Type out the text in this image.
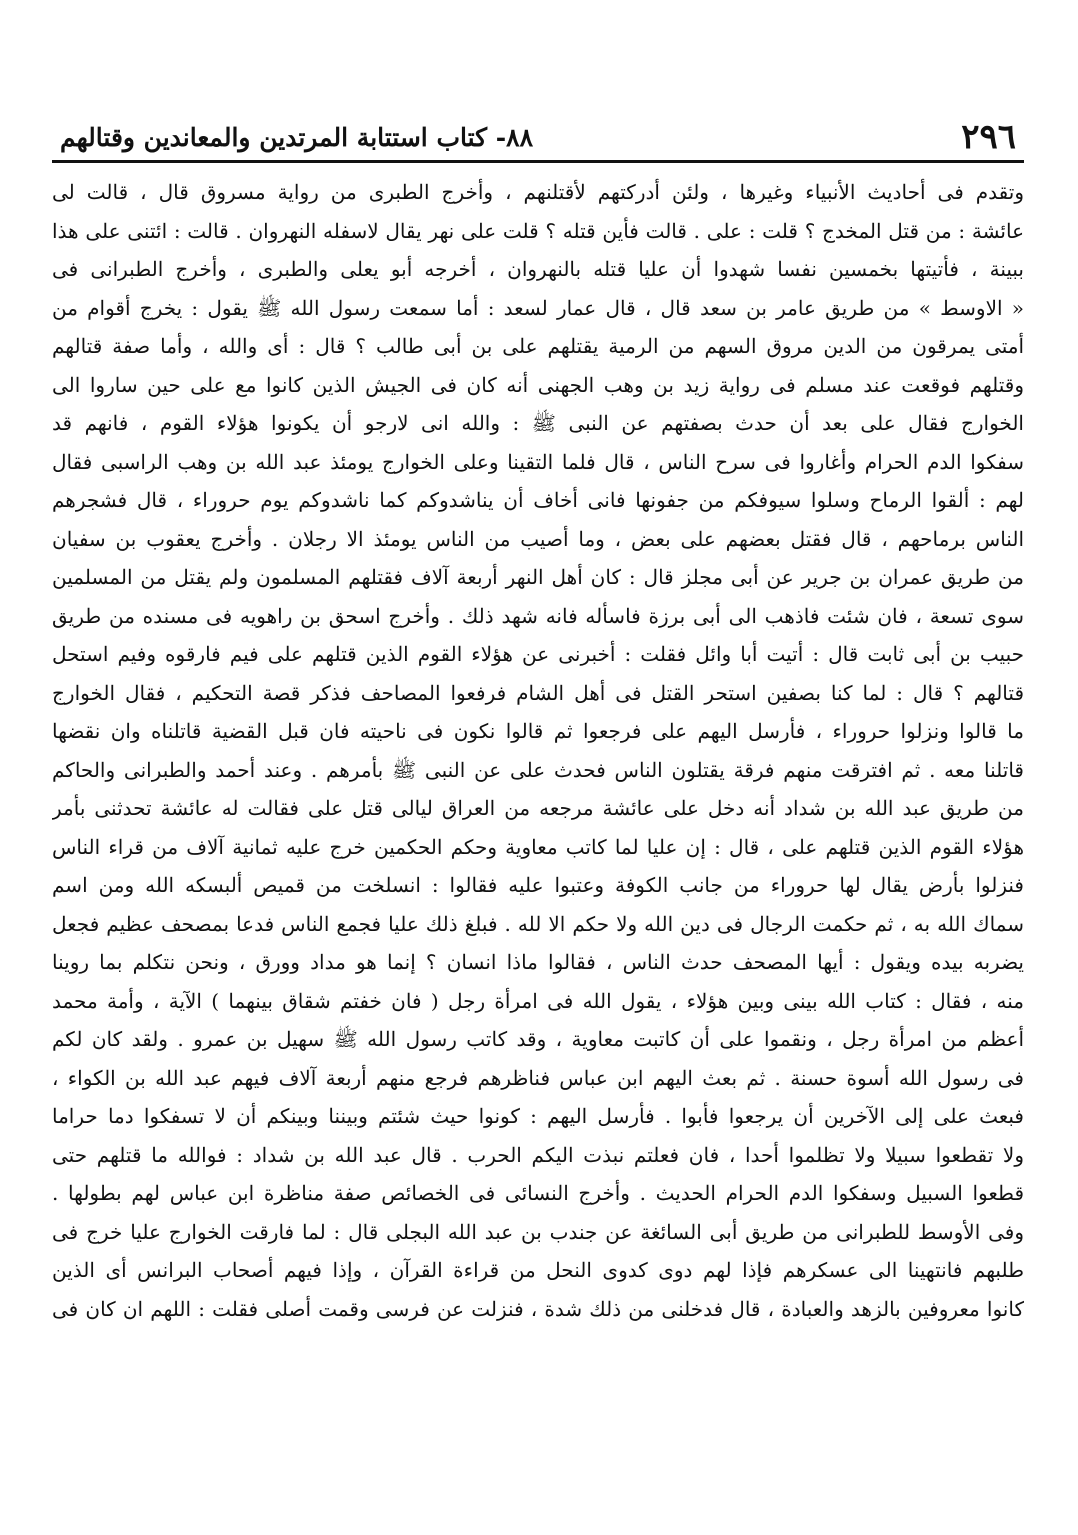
٢٩٦
٨٨- كتاب استتابة المرتدين والمعاندين وقتالهم
وتقدم فى أحاديث الأنبياء وغيرها ، ولئن أدركتهم لأقتلنهم ، وأخرج الطبرى من رواية مسروق قال ، قالت لى
عائشة : من قتل المخدج ؟ قلت : على . قالت فأين قتله ؟ قلت على نهر يقال لاسفله النهروان . قالت : ائتنى على هذا
ببينة ، فأتيتها بخمسين نفسا شهدوا أن عليا قتله بالنهروان ، أخرجه أبو يعلى والطبرى ، وأخرج الطبرانى فى
« الاوسط » من طريق عامر بن سعد قال ، قال عمار لسعد : أما سمعت رسول الله ﷺ يقول : يخرج أقوام من
أمتى يمرقون من الدين مروق السهم من الرمية يقتلهم على بن أبى طالب ؟ قال : أى والله ، وأما صفة قتالهم
وقتلهم فوقعت عند مسلم فى رواية زيد بن وهب الجهنى أنه كان فى الجيش الذين كانوا مع على حين ساروا الى
الخوارج فقال على بعد أن حدث بصفتهم عن النبى ﷺ : والله انى لارجو أن يكونوا هؤلاء القوم ، فانهم قد
سفكوا الدم الحرام وأغاروا فى سرح الناس ، قال فلما التقينا وعلى الخوارج يومئذ عبد الله بن وهب الراسبى فقال
لهم : ألقوا الرماح وسلوا سيوفكم من جفونها فانى أخاف أن يناشدوكم كما ناشدوكم يوم حروراء ، قال فشجرهم
الناس برماحهم ، قال فقتل بعضهم على بعض ، وما أصيب من الناس يومئذ الا رجلان . وأخرج يعقوب بن سفيان
من طريق عمران بن جرير عن أبى مجلز قال : كان أهل النهر أربعة آلاف فقتلهم المسلمون ولم يقتل من المسلمين
سوى تسعة ، فان شئت فاذهب الى أبى برزة فاسأله فانه شهد ذلك . وأخرج اسحق بن راهويه فى مسنده من طريق
حبيب بن أبى ثابت قال : أتيت أبا وائل فقلت : أخبرنى عن هؤلاء القوم الذين قتلهم على فيم فارقوه وفيم استحل
قتالهم ؟ قال : لما كنا بصفين استحر القتل فى أهل الشام فرفعوا المصاحف فذكر قصة التحكيم ، فقال الخوارج
ما قالوا ونزلوا حروراء ، فأرسل اليهم على فرجعوا ثم قالوا نكون فى ناحيته فان قبل القضية قاتلناه وان نقضها
قاتلنا معه . ثم افترقت منهم فرقة يقتلون الناس فحدث على عن النبى ﷺ بأمرهم . وعند أحمد والطبرانى والحاكم
من طريق عبد الله بن شداد أنه دخل على عائشة مرجعه من العراق ليالى قتل على فقالت له عائشة تحدثنى بأمر
هؤلاء القوم الذين قتلهم على ، قال : إن عليا لما كاتب معاوية وحكم الحكمين خرج عليه ثمانية آلاف من قراء الناس
فنزلوا بأرض يقال لها حروراء من جانب الكوفة وعتبوا عليه فقالوا : انسلخت من قميص ألبسكه الله ومن اسم
سماك الله به ، ثم حكمت الرجال فى دين الله ولا حكم الا لله . فبلغ ذلك عليا فجمع الناس فدعا بمصحف عظيم فجعل
يضربه بيده ويقول : أيها المصحف حدث الناس ، فقالوا ماذا انسان ؟ إنما هو مداد وورق ، ونحن نتكلم بما روينا
منه ، فقال : كتاب الله بينى وبين هؤلاء ، يقول الله فى امرأة رجل ( فان خفتم شقاق بينهما ) الآية ، وأمة محمد
أعظم من امرأة رجل ، ونقموا على أن كاتبت معاوية ، وقد كاتب رسول الله ﷺ سهيل بن عمرو . ولقد كان لكم
فى رسول الله أسوة حسنة . ثم بعث اليهم ابن عباس فناظرهم فرجع منهم أربعة آلاف فيهم عبد الله بن الكواء ،
فبعث على إلى الآخرين أن يرجعوا فأبوا . فأرسل اليهم : كونوا حيث شئتم وبيننا وبينكم أن لا تسفكوا دما حراما
ولا تقطعوا سبيلا ولا تظلموا أحدا ، فان فعلتم نبذت اليكم الحرب . قال عبد الله بن شداد : فوالله ما قتلهم حتى
قطعوا السبيل وسفكوا الدم الحرام الحديث . وأخرج النسائى فى الخصائص صفة مناظرة ابن عباس لهم بطولها .
وفى الأوسط للطبرانى من طريق أبى السائغة عن جندب بن عبد الله البجلى قال : لما فارقت الخوارج عليا خرج فى
طلبهم فانتهينا الى عسكرهم فإذا لهم دوى كدوى النحل من قراءة القرآن ، وإذا فيهم أصحاب البرانس أى الذين
كانوا معروفين بالزهد والعبادة ، قال فدخلنى من ذلك شدة ، فنزلت عن فرسى وقمت أصلى فقلت : اللهم ان كان فى
